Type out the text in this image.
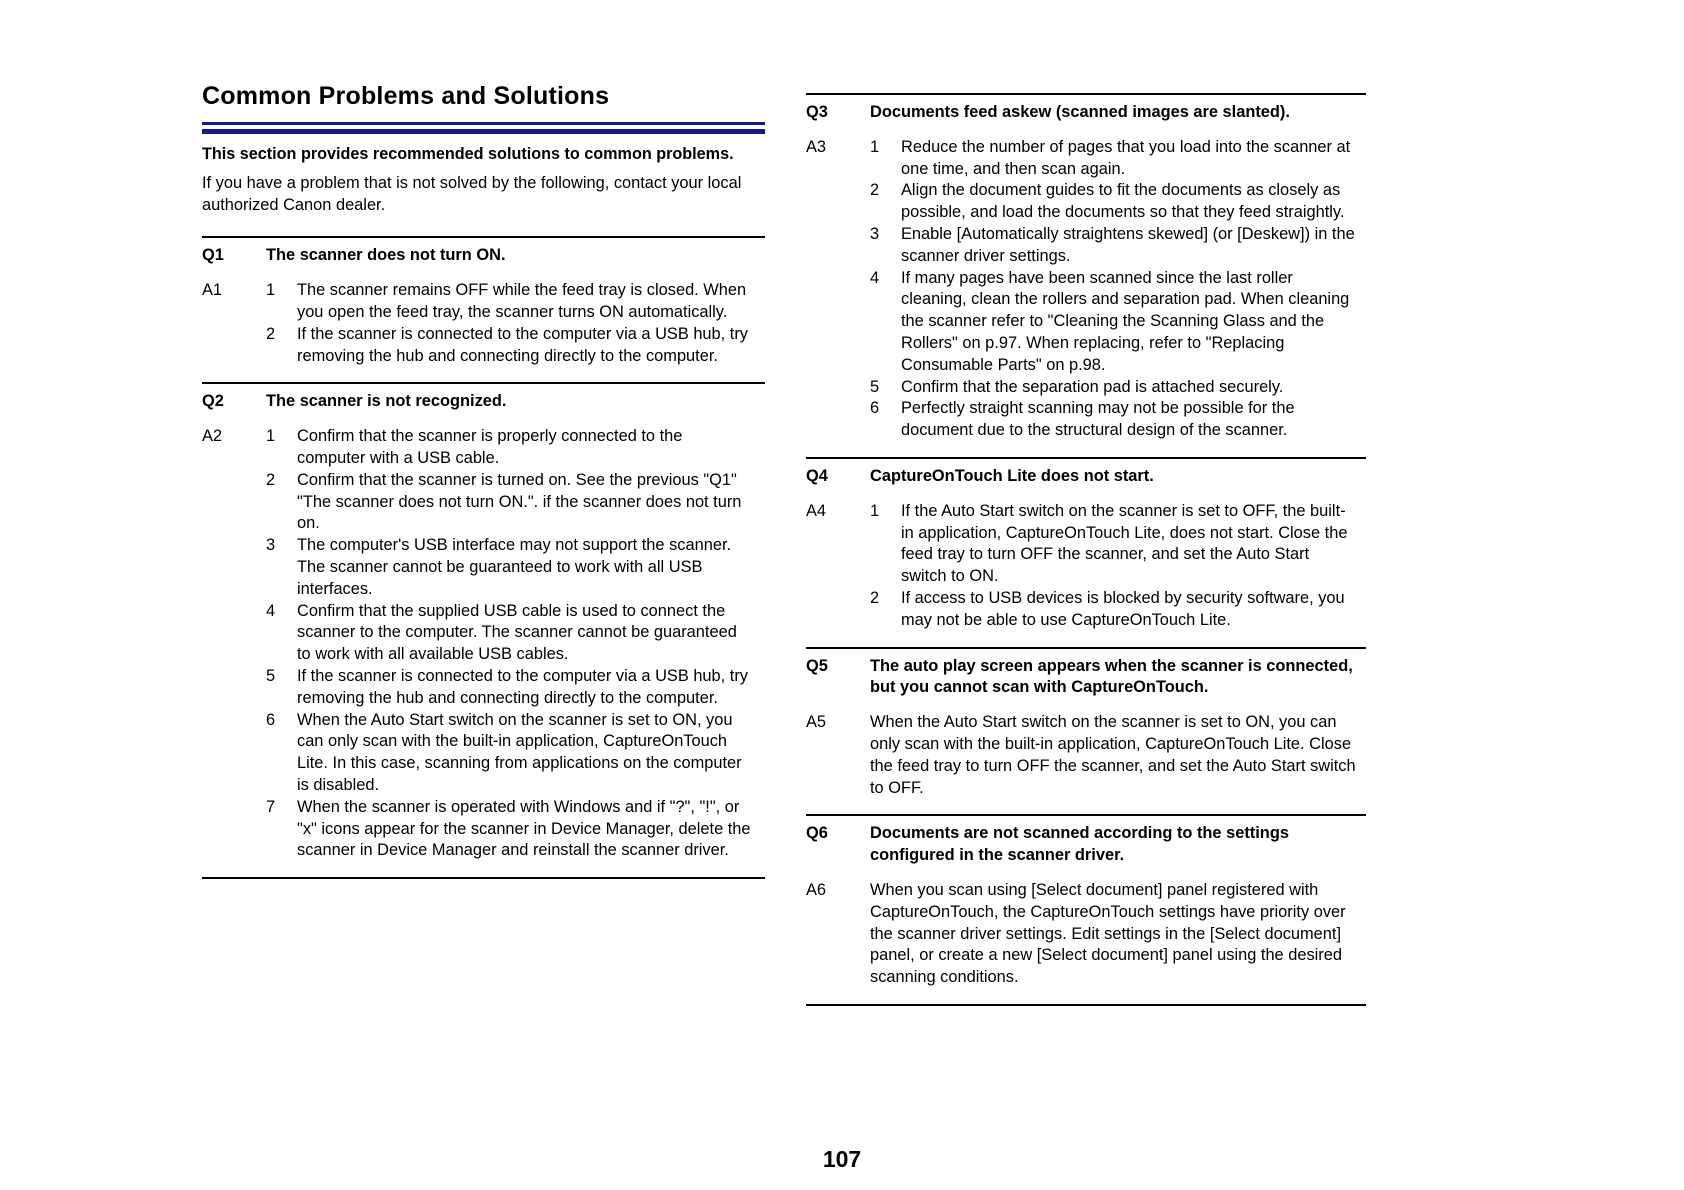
Common Problems and Solutions

This section provides recommended solutions to common problems.

If you have a problem that is not solved by the following, contact your local authorized Canon dealer.

Q1	The scanner does not turn ON.
A1	1	The scanner remains OFF while the feed tray is closed. When you open the feed tray, the scanner turns ON automatically.
2	If the scanner is connected to the computer via a USB hub, try removing the hub and connecting directly to the computer.
Q2	The scanner is not recognized.
A2	1	Confirm that the scanner is properly connected to the computer with a USB cable.
2	Confirm that the scanner is turned on. See the previous "Q1" "The scanner does not turn ON.". if the scanner does not turn on.
3	The computer's USB interface may not support the scanner. The scanner cannot be guaranteed to work with all USB interfaces.
4	Confirm that the supplied USB cable is used to connect the scanner to the computer. The scanner cannot be guaranteed to work with all available USB cables.
5	If the scanner is connected to the computer via a USB hub, try removing the hub and connecting directly to the computer.
6	When the Auto Start switch on the scanner is set to ON, you can only scan with the built-in application, CaptureOnTouch Lite. In this case, scanning from applications on the computer is disabled.
7	When the scanner is operated with Windows and if "?", "!", or "x" icons appear for the scanner in Device Manager, delete the scanner in Device Manager and reinstall the scanner driver.
Q3	Documents feed askew (scanned images are slanted).
A3	1	Reduce the number of pages that you load into the scanner at one time, and then scan again.
2	Align the document guides to fit the documents as closely as possible, and load the documents so that they feed straightly.
3	Enable [Automatically straightens skewed] (or [Deskew]) in the scanner driver settings.
4	If many pages have been scanned since the last roller cleaning, clean the rollers and separation pad. When cleaning the scanner refer to "Cleaning the Scanning Glass and the Rollers" on p.97. When replacing, refer to "Replacing Consumable Parts" on p.98.
5	Confirm that the separation pad is attached securely.
6	Perfectly straight scanning may not be possible for the document due to the structural design of the scanner.
Q4	CaptureOnTouch Lite does not start.
A4	1	If the Auto Start switch on the scanner is set to OFF, the built-in application, CaptureOnTouch Lite, does not start. Close the feed tray to turn OFF the scanner, and set the Auto Start switch to ON.
2	If access to USB devices is blocked by security software, you may not be able to use CaptureOnTouch Lite.
Q5	The auto play screen appears when the scanner is connected, but you cannot scan with CaptureOnTouch.
A5	When the Auto Start switch on the scanner is set to ON, you can only scan with the built-in application, CaptureOnTouch Lite. Close the feed tray to turn OFF the scanner, and set the Auto Start switch to OFF.

Q6	Documents are not scanned according to the settings configured in the scanner driver.
A6	When you scan using [Select document] panel registered with CaptureOnTouch, the CaptureOnTouch settings have priority over the scanner driver settings. Edit settings in the [Select document] panel, or create a new [Select document] panel using the desired scanning conditions.

107
